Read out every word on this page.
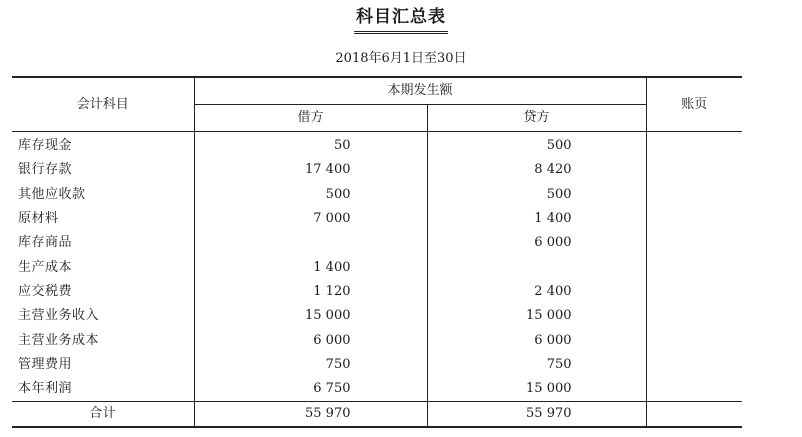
科目汇总表
2018年6月1日至30日
会计科目	本期发生额		账页
	借方	贷方	
库存现金	50	500	
银行存款	17 400	8 420	
其他应收款	500	500	
原材料	7 000	1 400	
库存商品		6 000	
生产成本	1 400		
应交税费	1 120	2 400	
主营业务收入	15 000	15 000	
主营业务成本	6 000	6 000	
管理费用	750	750	
本年利润	6 750	15 000	
合计	55 970	55 970	
